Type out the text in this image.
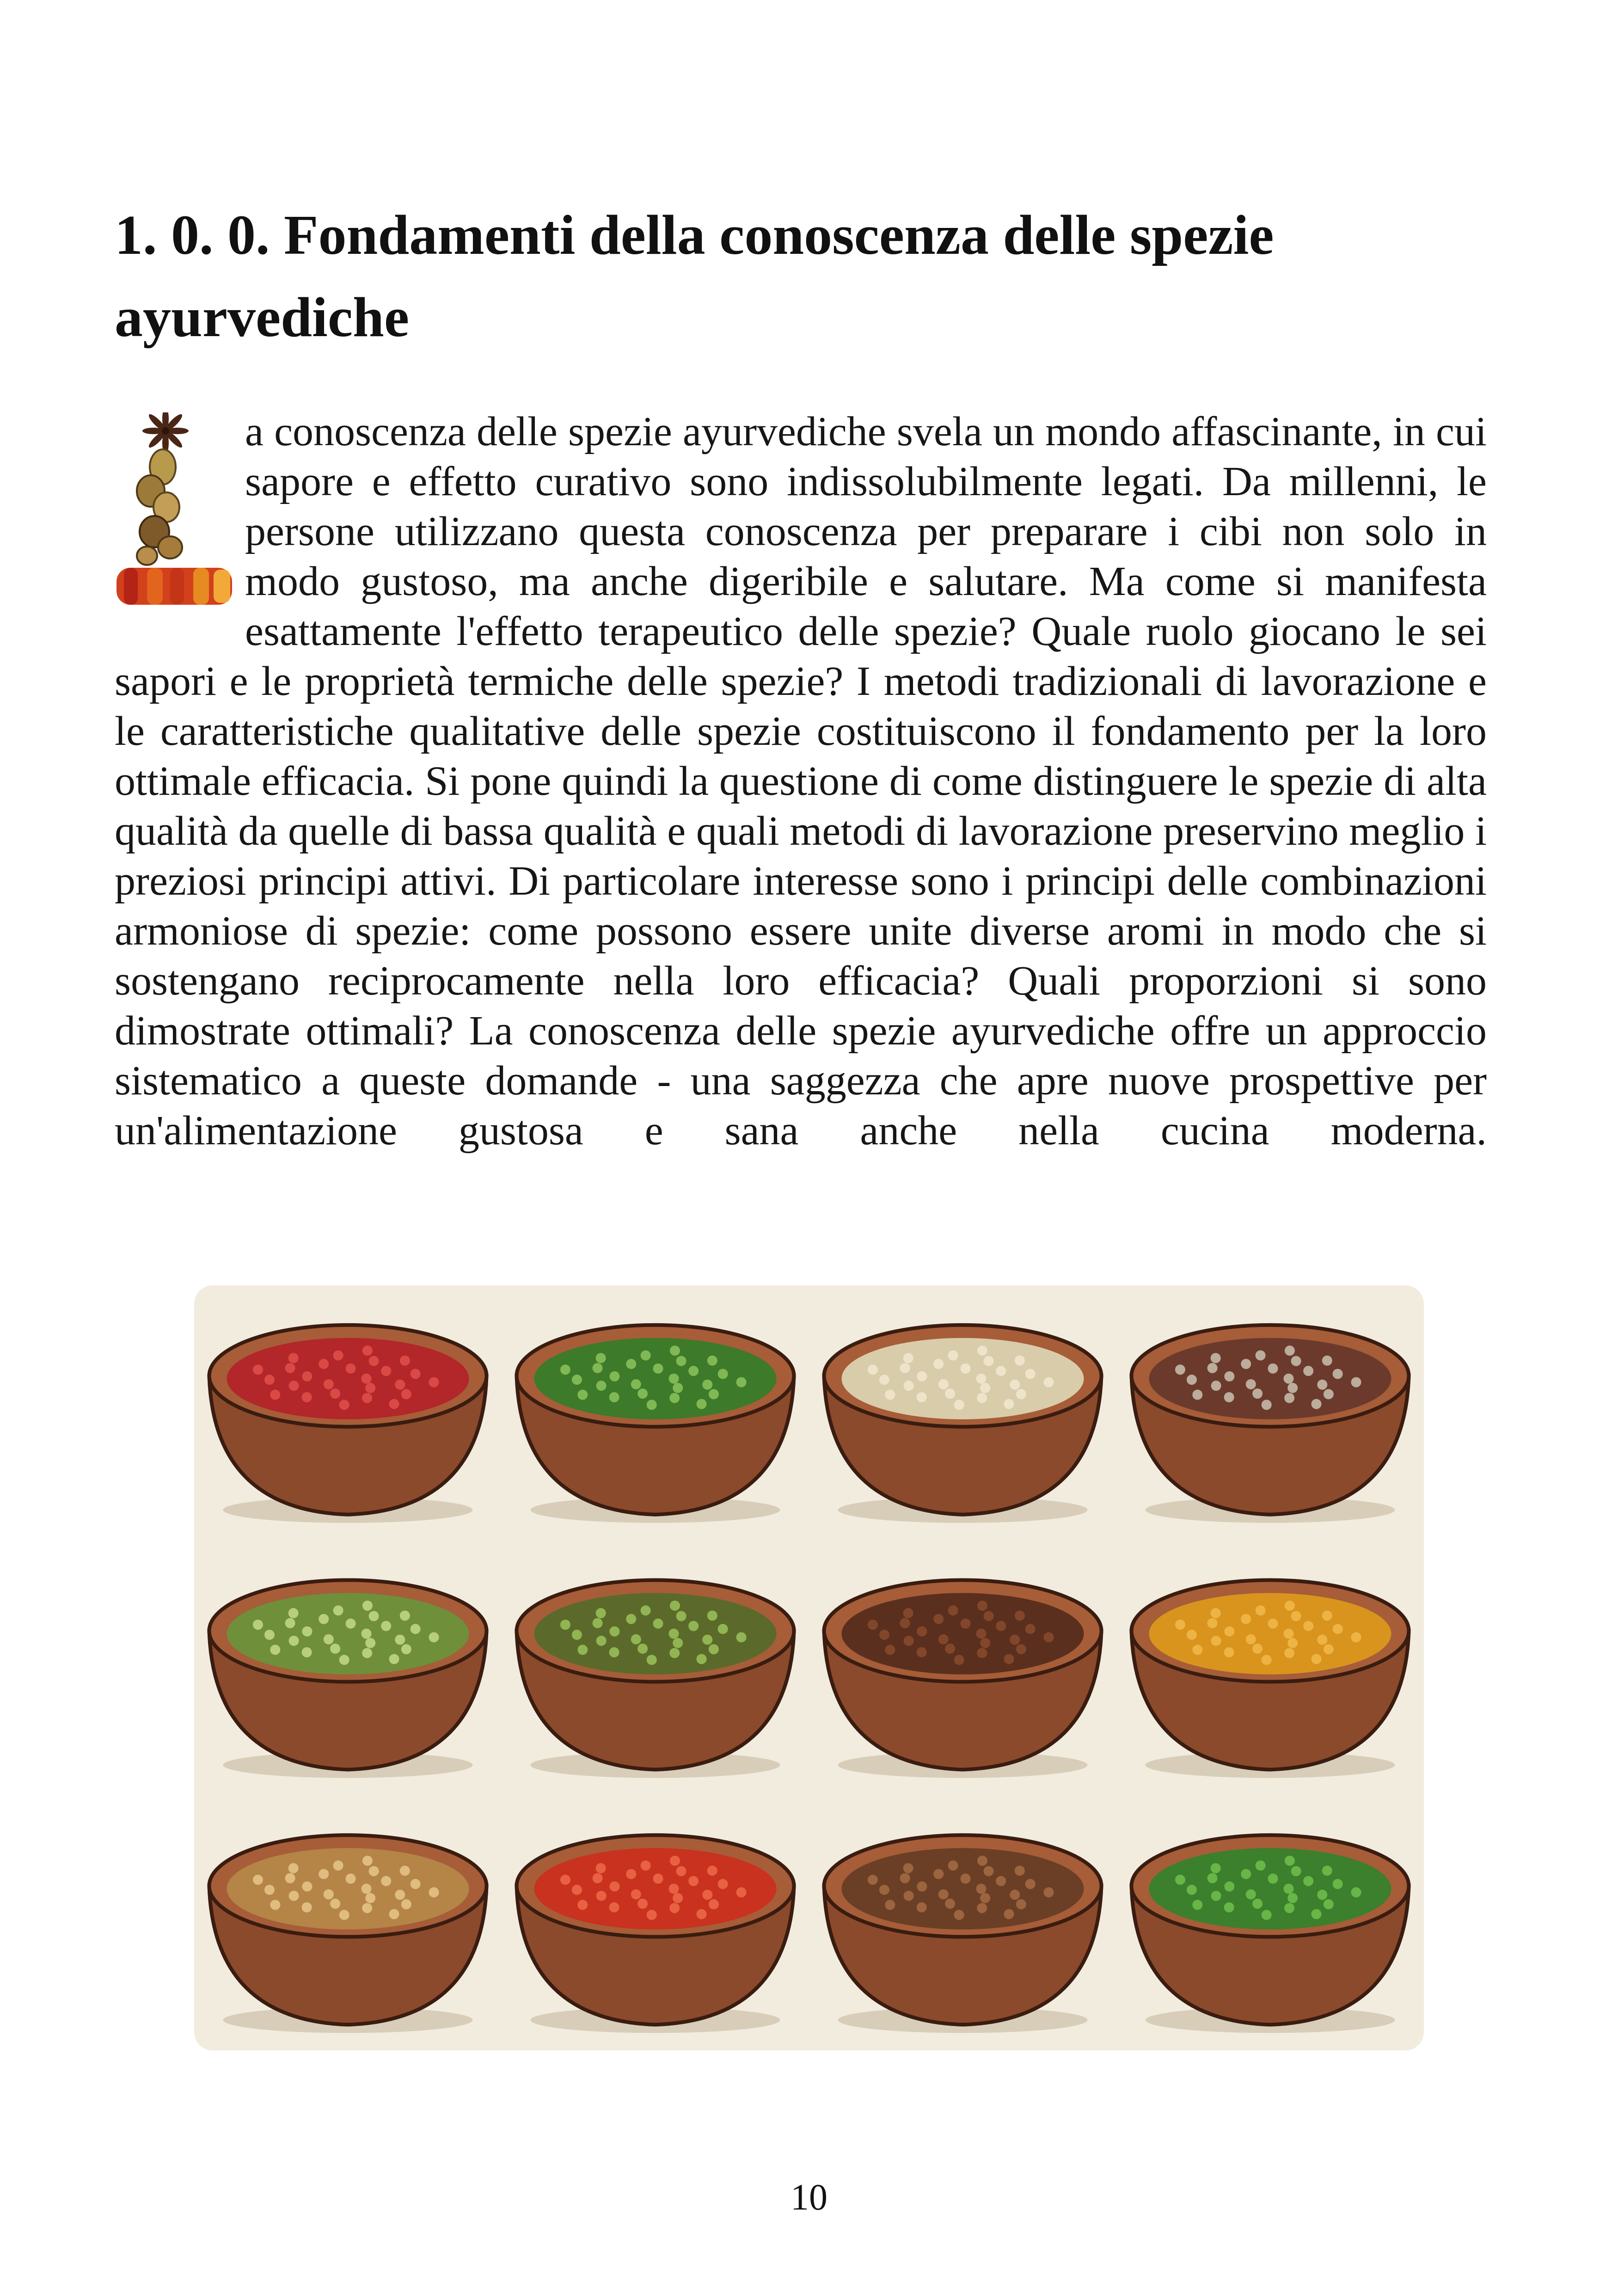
1. 0. 0. Fondamenti della conoscenza delle spezie ayurvediche

a conoscenza delle spezie ayurvediche svela un mondo affascinante, in cui sapore e effetto curativo sono indissolubilmente legati. Da millenni, le persone utilizzano questa conoscenza per preparare i cibi non solo in modo gustoso, ma anche digeribile e salutare. Ma come si manifesta esattamente l'effetto terapeutico delle spezie? Quale ruolo giocano le sei sapori e le proprietà termiche delle spezie? I metodi tradizionali di lavorazione e le caratteristiche qualitative delle spezie costituiscono il fondamento per la loro ottimale efficacia. Si pone quindi la questione di come distinguere le spezie di alta qualità da quelle di bassa qualità e quali metodi di lavorazione preservino meglio i preziosi principi attivi. Di particolare interesse sono i principi delle combinazioni armoniose di spezie: come possono essere unite diverse aromi in modo che si sostengano reciprocamente nella loro efficacia? Quali proporzioni si sono dimostrate ottimali? La conoscenza delle spezie ayurvediche offre un approccio sistematico a queste domande - una saggezza che apre nuove prospettive per un'alimentazione gustosa e sana anche nella cucina moderna.

10
